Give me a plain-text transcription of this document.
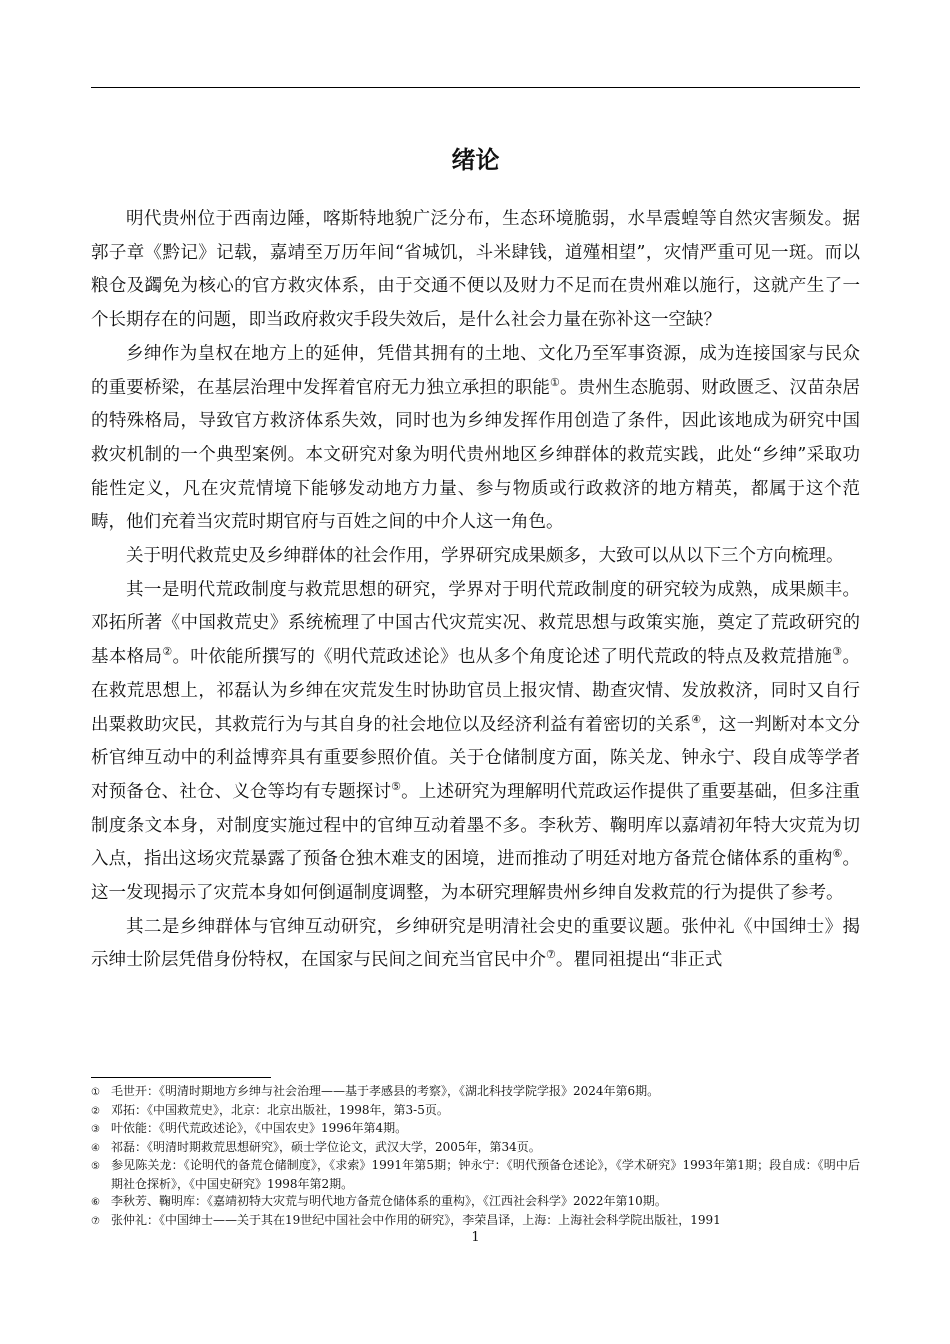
绪论

明代贵州位于西南边陲，喀斯特地貌广泛分布，生态环境脆弱，水旱震蝗等自然灾害频发。据郭子章《黔记》记载，嘉靖至万历年间“省城饥，斗米肆钱，道殣相望”，灾情严重可见一斑。而以粮仓及蠲免为核心的官方救灾体系，由于交通不便以及财力不足而在贵州难以施行，这就产生了一个长期存在的问题，即当政府救灾手段失效后，是什么社会力量在弥补这一空缺？

乡绅作为皇权在地方上的延伸，凭借其拥有的土地、文化乃至军事资源，成为连接国家与民众的重要桥梁，在基层治理中发挥着官府无力独立承担的职能①。贵州生态脆弱、财政匮乏、汉苗杂居的特殊格局，导致官方救济体系失效，同时也为乡绅发挥作用创造了条件，因此该地成为研究中国救灾机制的一个典型案例。本文研究对象为明代贵州地区乡绅群体的救荒实践，此处“乡绅”采取功能性定义，凡在灾荒情境下能够发动地方力量、参与物质或行政救济的地方精英，都属于这个范畴，他们充着当灾荒时期官府与百姓之间的中介人这一角色。

关于明代救荒史及乡绅群体的社会作用，学界研究成果颇多，大致可以从以下三个方向梳理。

其一是明代荒政制度与救荒思想的研究，学界对于明代荒政制度的研究较为成熟，成果颇丰。邓拓所著《中国救荒史》系统梳理了中国古代灾荒实况、救荒思想与政策实施，奠定了荒政研究的基本格局②。叶依能所撰写的《明代荒政述论》也从多个角度论述了明代荒政的特点及救荒措施③。在救荒思想上，祁磊认为乡绅在灾荒发生时协助官员上报灾情、勘查灾情、发放救济，同时又自行出粟救助灾民，其救荒行为与其自身的社会地位以及经济利益有着密切的关系④，这一判断对本文分析官绅互动中的利益博弈具有重要参照价值。关于仓储制度方面，陈关龙、钟永宁、段自成等学者对预备仓、社仓、义仓等均有专题探讨⑤。上述研究为理解明代荒政运作提供了重要基础，但多注重制度条文本身，对制度实施过程中的官绅互动着墨不多。李秋芳、鞠明库以嘉靖初年特大灾荒为切入点，指出这场灾荒暴露了预备仓独木难支的困境，进而推动了明廷对地方备荒仓储体系的重构⑥。这一发现揭示了灾荒本身如何倒逼制度调整，为本研究理解贵州乡绅自发救荒的行为提供了参考。

其二是乡绅群体与官绅互动研究，乡绅研究是明清社会史的重要议题。张仲礼《中国绅士》揭示绅士阶层凭借身份特权，在国家与民间之间充当官民中介⑦。瞿同祖提出“非正式

① 毛世开：《明清时期地方乡绅与社会治理——基于孝感县的考察》，《湖北科技学院学报》2024年第6期。

② 邓拓：《中国救荒史》，北京：北京出版社，1998年，第3-5页。

③ 叶依能：《明代荒政述论》，《中国农史》1996年第4期。

④ 祁磊：《明清时期救荒思想研究》，硕士学位论文，武汉大学，2005年，第34页。

⑤ 参见陈关龙：《论明代的备荒仓储制度》，《求索》1991年第5期；钟永宁：《明代预备仓述论》，《学术研究》1993年第1期；段自成：《明中后期社仓探析》，《中国史研究》1998年第2期。

⑥ 李秋芳、鞠明库：《嘉靖初特大灾荒与明代地方备荒仓储体系的重构》，《江西社会科学》2022年第10期。

⑦ 张仲礼：《中国绅士——关于其在19世纪中国社会中作用的研究》，李荣昌译，上海：上海社会科学院出版社，1991

1
